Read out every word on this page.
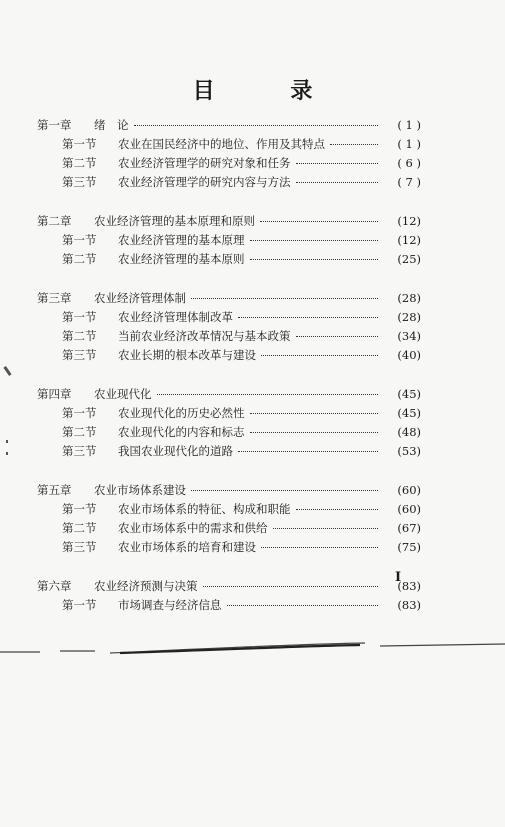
目 录
第一章	绪　论	( 1 )
第一节	农业在国民经济中的地位、作用及其特点	( 1 )
第二节	农业经济管理学的研究对象和任务	( 6 )
第三节	农业经济管理学的研究内容与方法	( 7 )
第二章	农业经济管理的基本原理和原则	(12)
第一节	农业经济管理的基本原理	(12)
第二节	农业经济管理的基本原则	(25)
第三章	农业经济管理体制	(28)
第一节	农业经济管理体制改革	(28)
第二节	当前农业经济改革情况与基本政策	(34)
第三节	农业长期的根本改革与建设	(40)
第四章	农业现代化	(45)
第一节	农业现代化的历史必然性	(45)
第二节	农业现代化的内容和标志	(48)
第三节	我国农业现代化的道路	(53)
第五章	农业市场体系建设	(60)
第一节	农业市场体系的特征、构成和职能	(60)
第二节	农业市场体系中的需求和供给	(67)
第三节	农业市场体系的培育和建设	(75)
第六章	农业经济预测与决策	(83)
第一节	市场调查与经济信息	(83)
I
